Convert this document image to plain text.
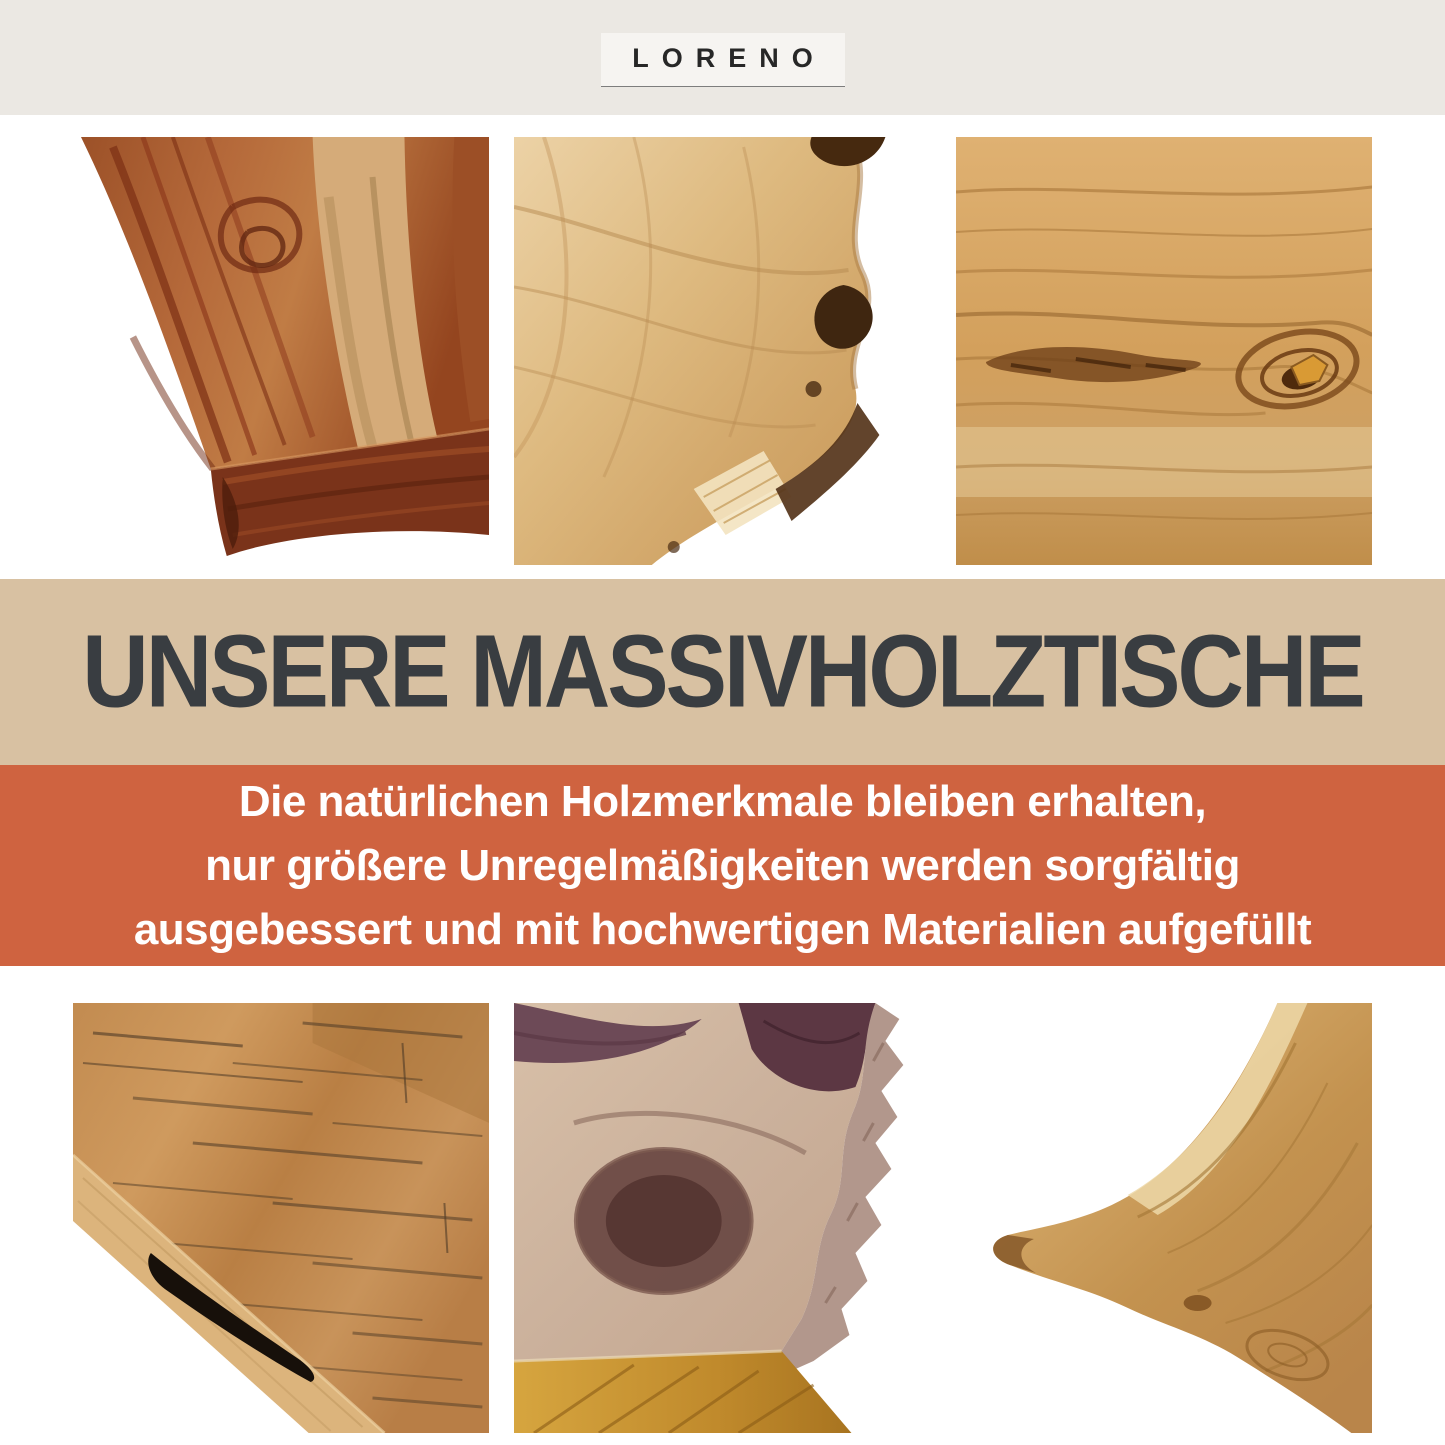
LORENO
UNSERE MASSIVHOLZTISCHE
Die natürlichen Holzmerkmale bleiben erhalten,
nur größere Unregelmäßigkeiten werden sorgfältig
ausgebessert und mit hochwertigen Materialien aufgefüllt
